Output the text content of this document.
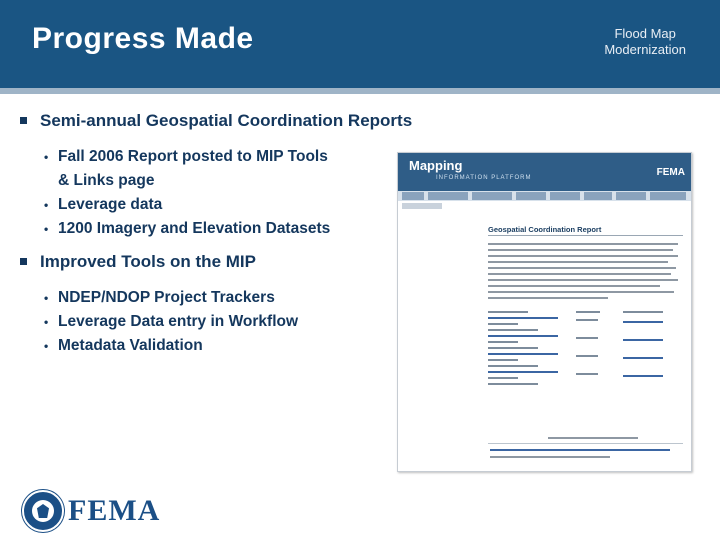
Progress Made	Flood Map
Modernization
Semi-annual Geospatial Coordination Reports
• Fall 2006 Report posted to MIP Tools
& Links page
• Leverage data
• 1200 Imagery and Elevation Datasets
Improved Tools on the MIP
• NDEP/NDOP Project Trackers
• Leverage Data entry in Workflow
• Metadata Validation
Mapping
INFORMATION PLATFORM	FEMA
Geospatial Coordination Report
FEMA
